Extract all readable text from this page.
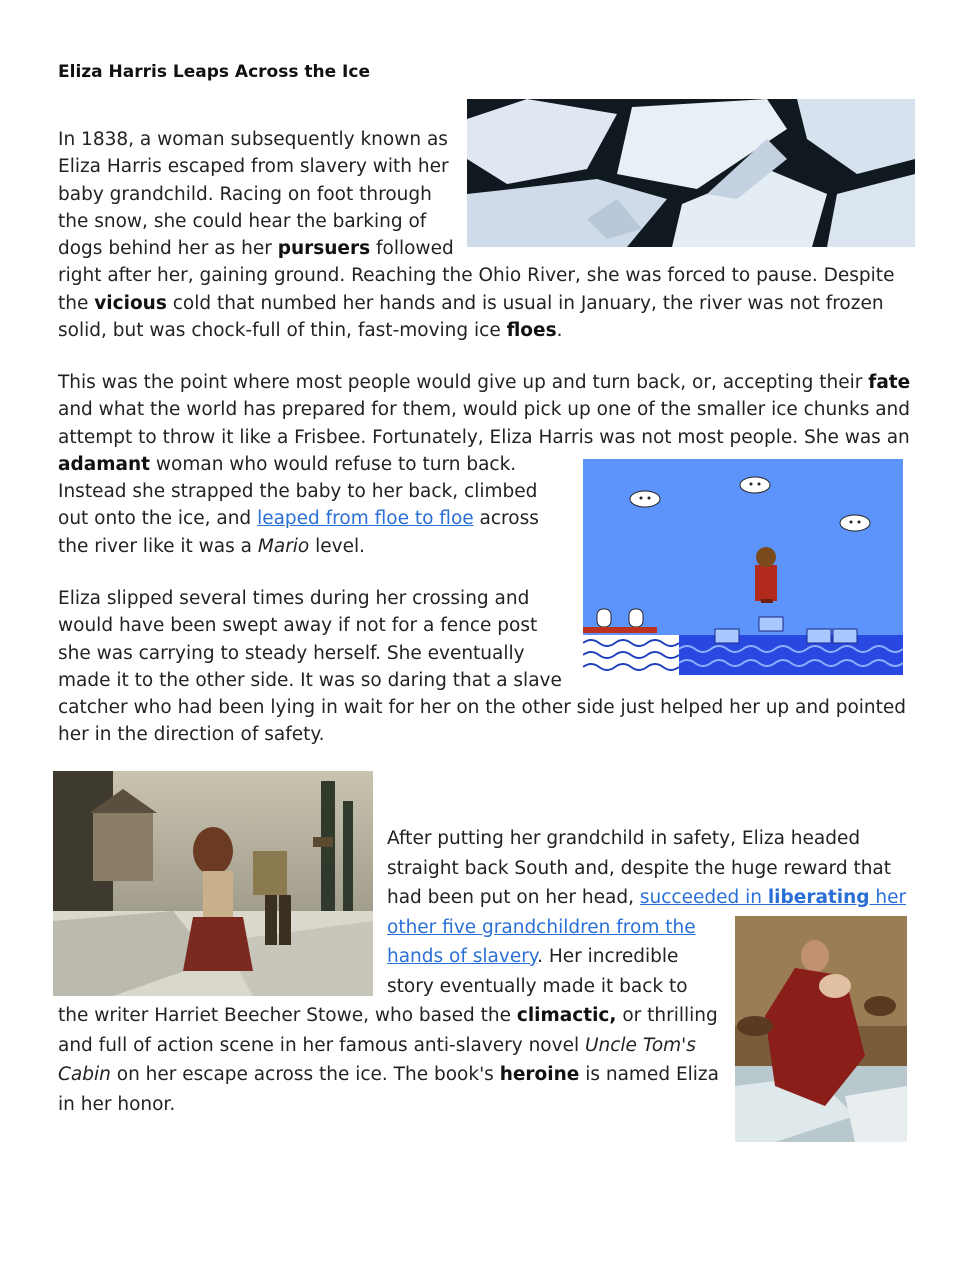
Eliza Harris Leaps Across the Ice
In 1838, a woman subsequently known as
Eliza Harris escaped from slavery with her
baby grandchild. Racing on foot through
the snow, she could hear the barking of
dogs behind her as her pursuers followed
right after her, gaining ground. Reaching the Ohio River, she was forced to pause. Despite
the vicious cold that numbed her hands and is usual in January, the river was not frozen
solid, but was chock-full of thin, fast-moving ice floes.
This was the point where most people would give up and turn back, or, accepting their fate
and what the world has prepared for them, would pick up one of the smaller ice chunks and
attempt to throw it like a Frisbee. Fortunately, Eliza Harris was not most people. She was an
adamant woman who would refuse to turn back.
Instead she strapped the baby to her back, climbed
out onto the ice, and leaped from floe to floe across
the river like it was a Mario level.
Eliza slipped several times during her crossing and
would have been swept away if not for a fence post
she was carrying to steady herself. She eventually
made it to the other side. It was so daring that a slave
catcher who had been lying in wait for her on the other side just helped her up and pointed
her in the direction of safety.
After putting her grandchild in safety, Eliza headed
straight back South and, despite the huge reward that
had been put on her head, succeeded in liberating her
other five grandchildren from the
hands of slavery. Her incredible
story eventually made it back to
the writer Harriet Beecher Stowe, who based the climactic, or thrilling
and full of action scene in her famous anti-slavery novel Uncle Tom's
Cabin on her escape across the ice. The book's heroine is named Eliza
in her honor.
